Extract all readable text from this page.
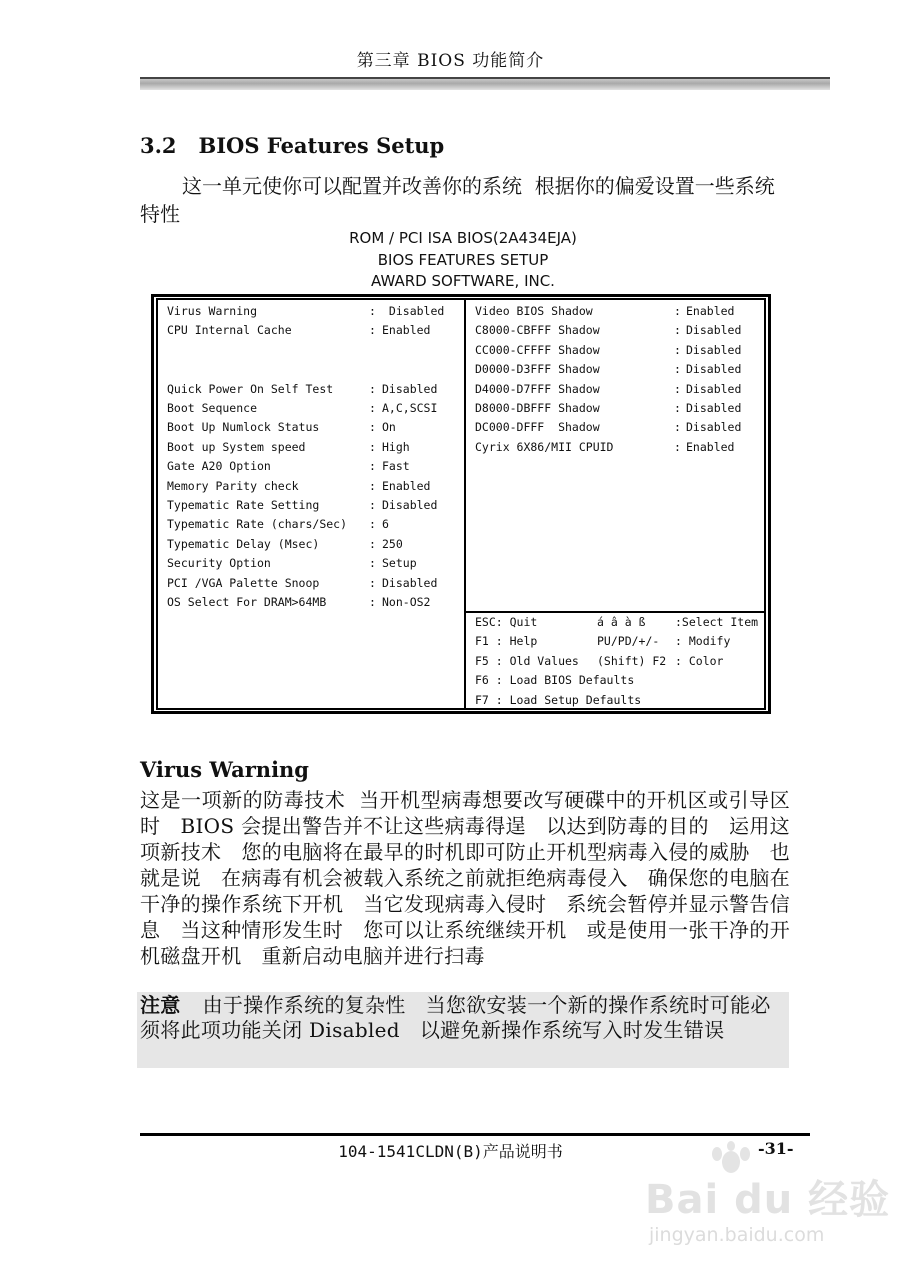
第三章 BIOS 功能简介
3.2   BIOS Features Setup
这一单元使你可以配置并改善你的系统  根据你的偏爱设置一些系统特性
ROM / PCI ISA BIOS(2A434EJA)
BIOS FEATURES SETUP
AWARD SOFTWARE, INC.
Virus Warning	: Disabled
CPU Internal Cache	: Enabled
Quick Power On Self Test	: Disabled
Boot Sequence	: A,C,SCSI
Boot Up Numlock Status	: On
Boot up System speed	: High
Gate A20 Option	: Fast
Memory Parity check	: Enabled
Typematic Rate Setting	: Disabled
Typematic Rate (chars/Sec) : 6
Typematic Delay (Msec)	: 250
Security Option	: Setup
PCI /VGA Palette Snoop	: Disabled
OS Select For DRAM>64MB	: Non-OS2
Video BIOS Shadow	: Enabled
C8000-CBFFF Shadow	: Disabled
CC000-CFFFF Shadow	: Disabled
D0000-D3FFF Shadow	: Disabled
D4000-D7FFF Shadow	: Disabled
D8000-DBFFF Shadow	: Disabled
DC000-DFFF  Shadow	: Disabled
Cyrix 6X86/MII CPUID	: Enabled
ESC: Quit	á â à ß	:Select Item
F1 : Help	PU/PD/+/- : Modify
F5 : Old Values (Shift) F2 : Color
F6 : Load BIOS Defaults
F7 : Load Setup Defaults
Virus Warning
这是一项新的防毒技术  当开机型病毒想要改写硬碟中的开机区或引导区时   BIOS 会提出警告并不让这些病毒得逞   以达到防毒的目的   运用这项新技术   您的电脑将在最早的时机即可防止开机型病毒入侵的威胁   也就是说   在病毒有机会被载入系统之前就拒绝病毒侵入   确保您的电脑在干净的操作系统下开机   当它发现病毒入侵时   系统会暂停并显示警告信息   当这种情形发生时   您可以让系统继续开机   或是使用一张干净的开机磁盘开机   重新启动电脑并进行扫毒
注意 由于操作系统的复杂性   当您欲安装一个新的操作系统时可能必须将此项功能关闭 Disabled   以避免新操作系统写入时发生错误
104-1541CLDN(B)产品说明书	-31-
Bai du 经验
jingyan.baidu.com
